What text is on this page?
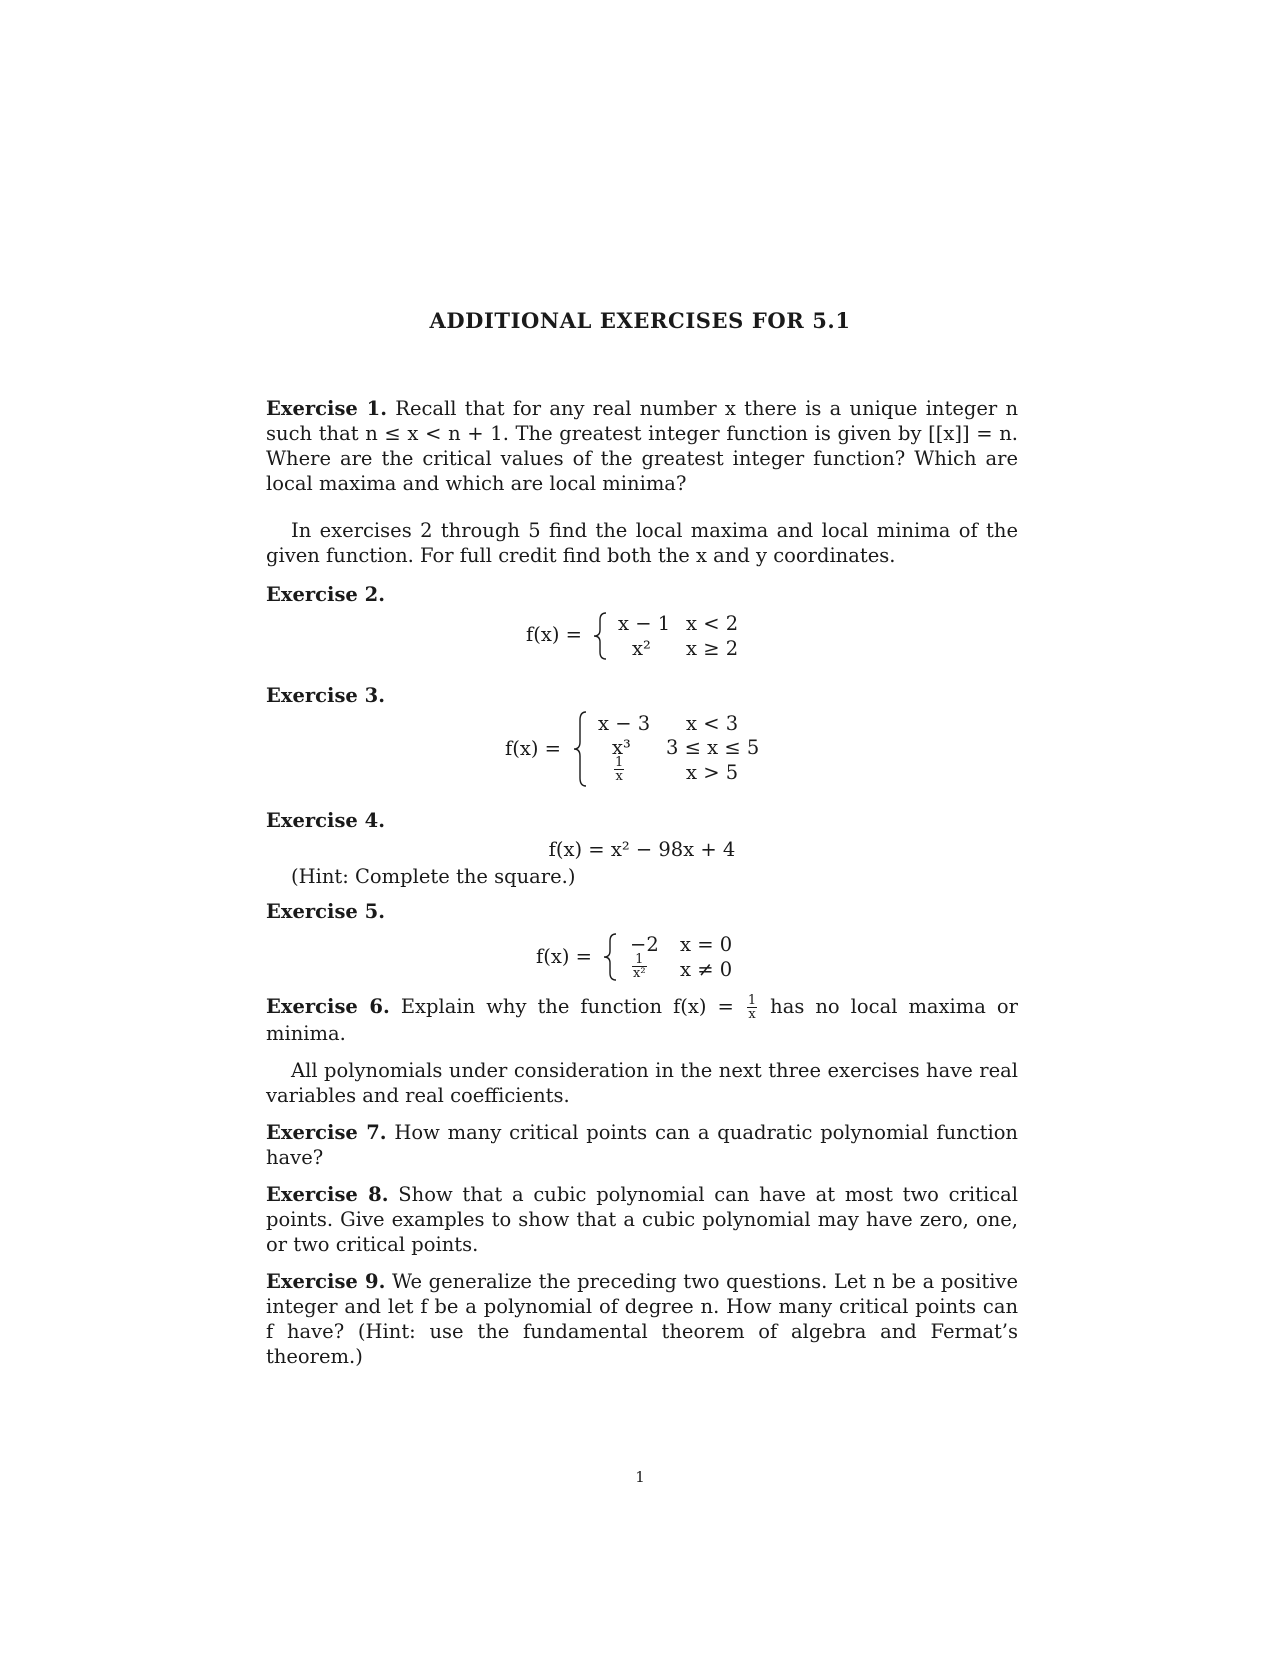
ADDITIONAL EXERCISES FOR 5.1

Exercise 1. Recall that for any real number x there is a unique integer n such that n ≤ x < n + 1. The greatest integer function is given by [[x]] = n. Where are the critical values of the greatest integer function? Which are local maxima and which are local minima?

In exercises 2 through 5 find the local maxima and local minima of the given function. For full credit find both the x and y coordinates.

Exercise 2.
f(x) = x − 1 x < 2
x² x ≥ 2
Exercise 3.
f(x) =
x − 3 x < 3
x³ 3 ≤ x ≤ 5
$\frac{1}{x}$	x > 5
Exercise 4.
f(x) = x² − 98x + 4
(Hint: Complete the square.)
Exercise 5.
f(x) =
−2 x = 0
$\frac{1}{\text{x²}}$ x ≠ 0

Exercise 6. Explain why the function $f(x) = \frac{1}{x}$ has no local maxima or minima.

All polynomials under consideration in the next three exercises have real variables and real coefficients.

Exercise 7. How many critical points can a quadratic polynomial function have?

Exercise 8. Show that a cubic polynomial can have at most two critical points. Give examples to show that a cubic polynomial may have zero, one, or two critical points.

Exercise 9. We generalize the preceding two questions. Let n be a positive integer and let f be a polynomial of degree n. How many critical points can f have? (Hint: use the fundamental theorem of algebra and Fermat’s theorem.)

1
